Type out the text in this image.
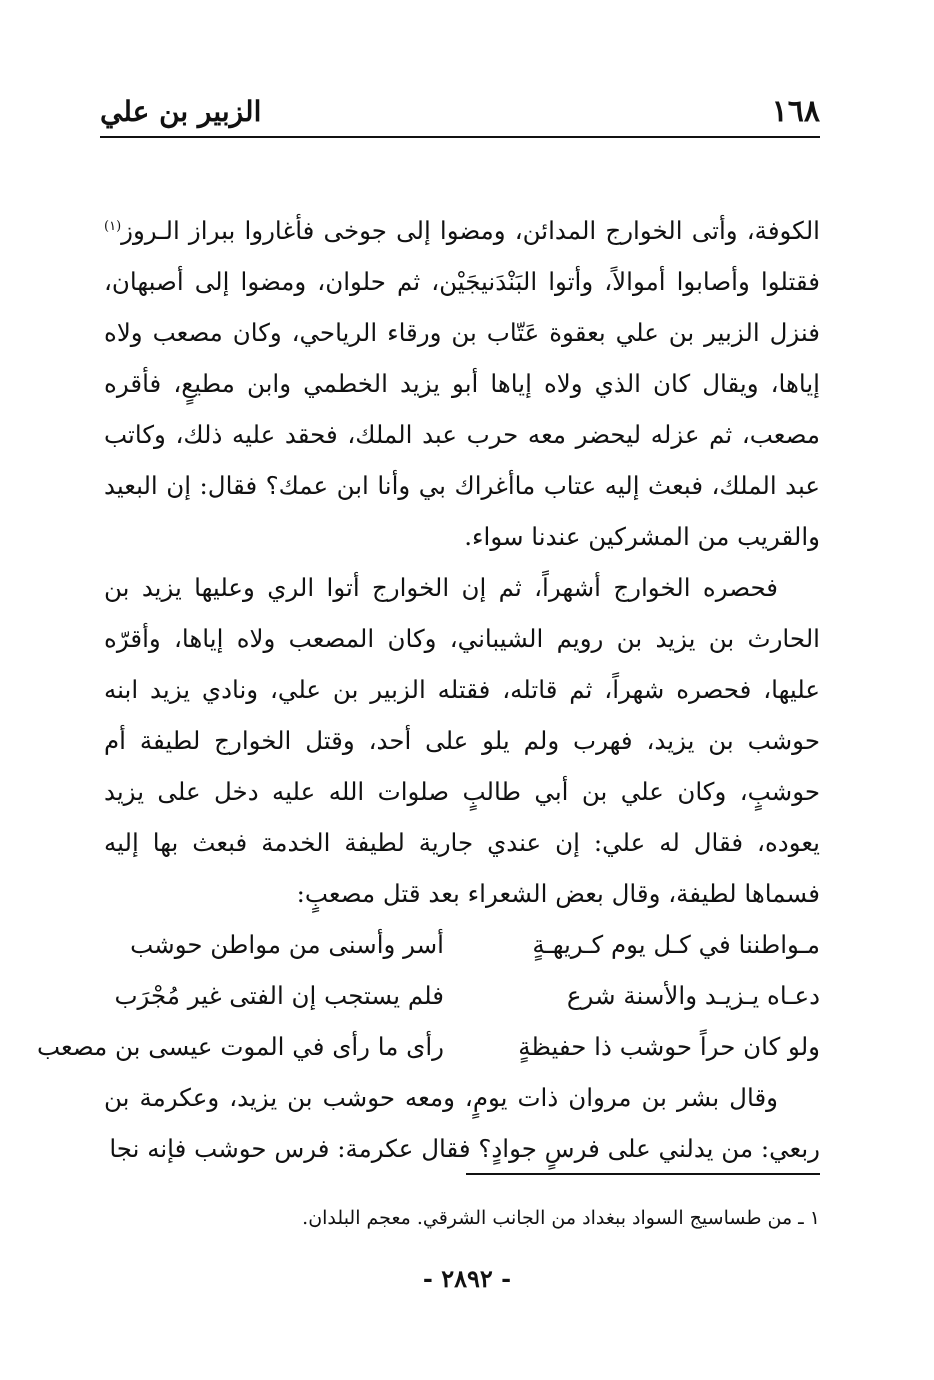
١٦٨
الزبير بن علي

الكوفة، وأتى الخوارج المدائن، ومضوا إلى جوخى فأغاروا ببراز الـروز$^{(١)}$ فقتلوا وأصابوا أموالاً، وأتوا البَنْدَنيجَيْن، ثم حلوان، ومضوا إلى أصبهان، فنزل الزبير بن علي بعقوة عَتّاب بن ورقاء الرياحي، وكان مصعب ولاه إياها، ويقال كان الذي ولاه إياها أبو يزيد الخطمي وابن مطيعٍ، فأقره مصعب، ثم عزله ليحضر معه حرب عبد الملك، فحقد عليه ذلك، وكاتب عبد الملك، فبعث إليه عتاب ماأغراك بي وأنا ابن عمك؟ فقال: إن البعيد والقريب من المشركين عندنا سواء.

فحصره الخوارج أشهراً، ثم إن الخوارج أتوا الري وعليها يزيد بن الحارث بن يزيد بن رويم الشيباني، وكان المصعب ولاه إياها، وأقرّه عليها، فحصره شهراً، ثم قاتله، فقتله الزبير بن علي، ونادي يزيد ابنه حوشب بن يزيد، فهرب ولم يلو على أحد، وقتل الخوارج لطيفة أم حوشبٍ، وكان علي بن أبي طالبٍ صلوات الله عليه دخل على يزيد يعوده، فقال له علي: إن عندي جارية لطيفة الخدمة فبعث بها إليه فسماها لطيفة، وقال بعض الشعراء بعد قتل مصعبٍ:

مـواطننا في كـل يوم كـريهـةٍ
أسر وأسنى من مواطن حوشب
دعـاه يـزيـد والأسنة شرع
فلم يستجب إن الفتى غير مُجْرَب
ولو كان حراً حوشب ذا حفيظةٍ
رأى ما رأى في الموت عيسى بن مصعب

وقال بشر بن مروان ذات يومٍ، ومعه حوشب بن يزيد، وعكرمة بن ربعي: من يدلني على فرسٍ جوادٍ؟ فقال عكرمة: فرس حوشب فإنه نجا

١ ـ من طساسيج السواد ببغداد من الجانب الشرقي. معجم البلدان.
- ٢٨٩٢ -
